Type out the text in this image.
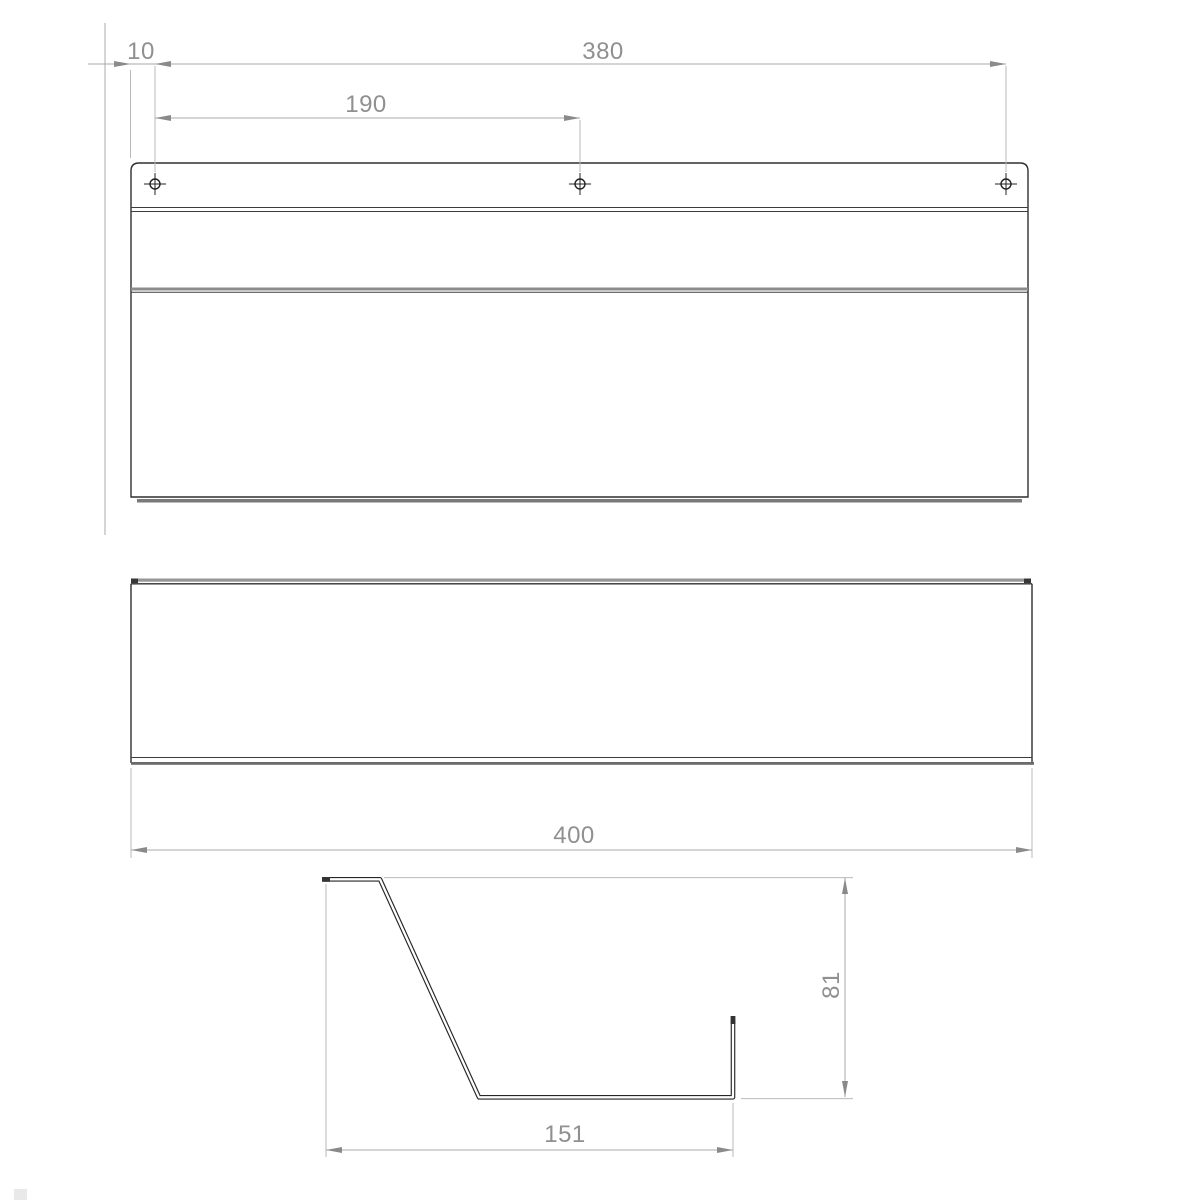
10	380
190
400
81
151
